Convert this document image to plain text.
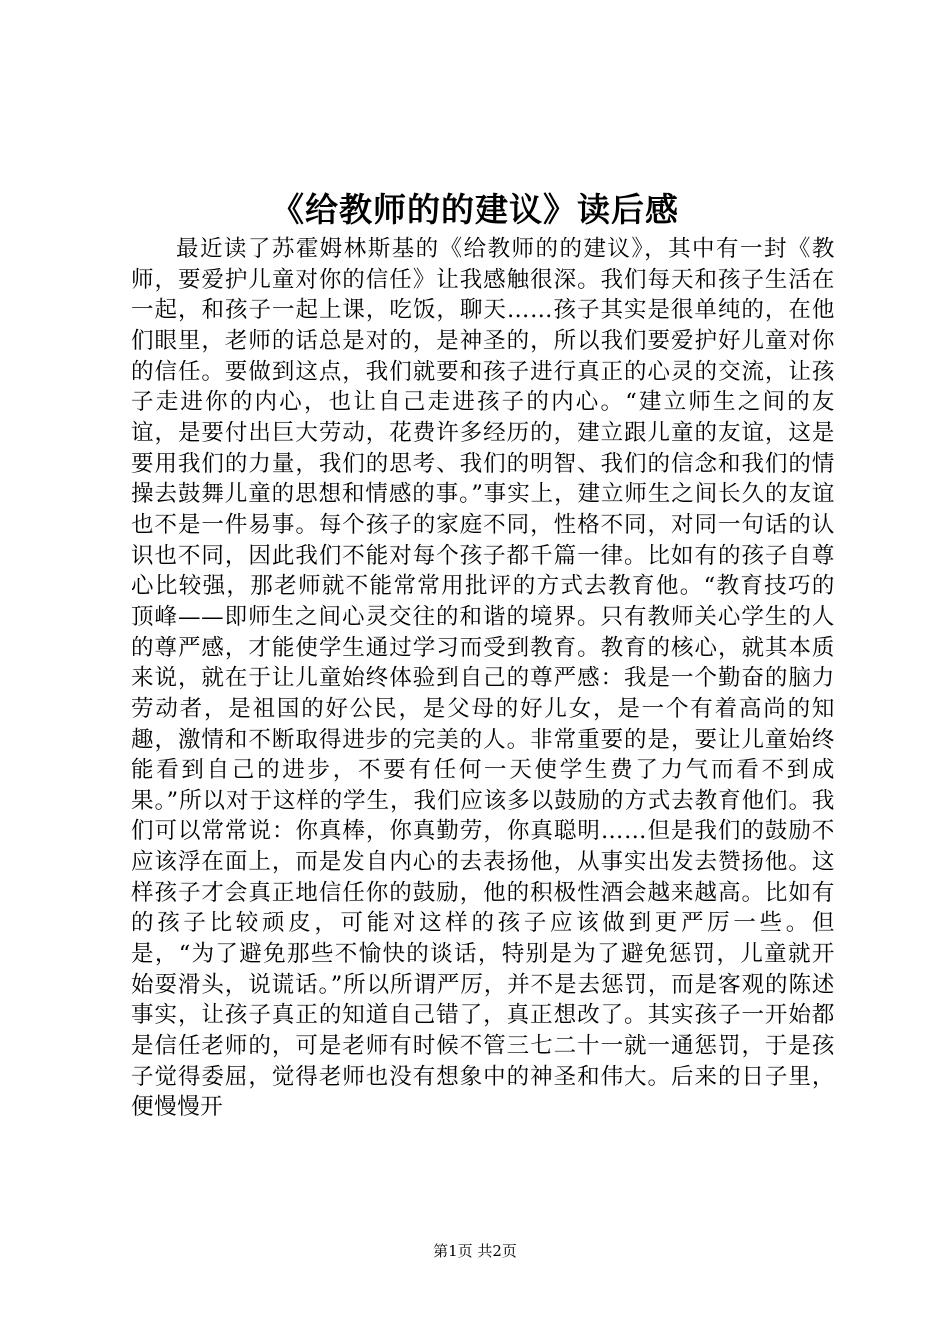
《给教师的的建议》读后感

最近读了苏霍姆林斯基的《给教师的的建议》，其中有一封《教师，要爱护儿童对你的信任》让我感触很深。我们每天和孩子生活在一起，和孩子一起上课，吃饭，聊天……孩子其实是很单纯的，在他们眼里，老师的话总是对的，是神圣的，所以我们要爱护好儿童对你的信任。要做到这点，我们就要和孩子进行真正的心灵的交流，让孩子走进你的内心，也让自己走进孩子的内心。“建立师生之间的友谊，是要付出巨大劳动，花费许多经历的，建立跟儿童的友谊，这是要用我们的力量，我们的思考、我们的明智、我们的信念和我们的情操去鼓舞儿童的思想和情感的事。”事实上，建立师生之间长久的友谊也不是一件易事。每个孩子的家庭不同，性格不同，对同一句话的认识也不同，因此我们不能对每个孩子都千篇一律。比如有的孩子自尊心比较强，那老师就不能常常用批评的方式去教育他。“教育技巧的顶峰——即师生之间心灵交往的和谐的境界。只有教师关心学生的人的尊严感，才能使学生通过学习而受到教育。教育的核心，就其本质来说，就在于让儿童始终体验到自己的尊严感：我是一个勤奋的脑力劳动者，是祖国的好公民，是父母的好儿女，是一个有着高尚的知趣，激情和不断取得进步的完美的人。非常重要的是，要让儿童始终能看到自己的进步，不要有任何一天使学生费了力气而看不到成果。”所以对于这样的学生，我们应该多以鼓励的方式去教育他们。我们可以常常说：你真棒，你真勤劳，你真聪明……但是我们的鼓励不应该浮在面上，而是发自内心的去表扬他，从事实出发去赞扬他。这样孩子才会真正地信任你的鼓励，他的积极性酒会越来越高。比如有的孩子比较顽皮，可能对这样的孩子应该做到更严厉一些。但是，“为了避免那些不愉快的谈话，特别是为了避免惩罚，儿童就开始耍滑头，说谎话。”所以所谓严厉，并不是去惩罚，而是客观的陈述事实，让孩子真正的知道自己错了，真正想改了。其实孩子一开始都是信任老师的，可是老师有时候不管三七二十一就一通惩罚，于是孩子觉得委屈，觉得老师也没有想象中的神圣和伟大。后来的日子里，便慢慢开

第1页 共2页
